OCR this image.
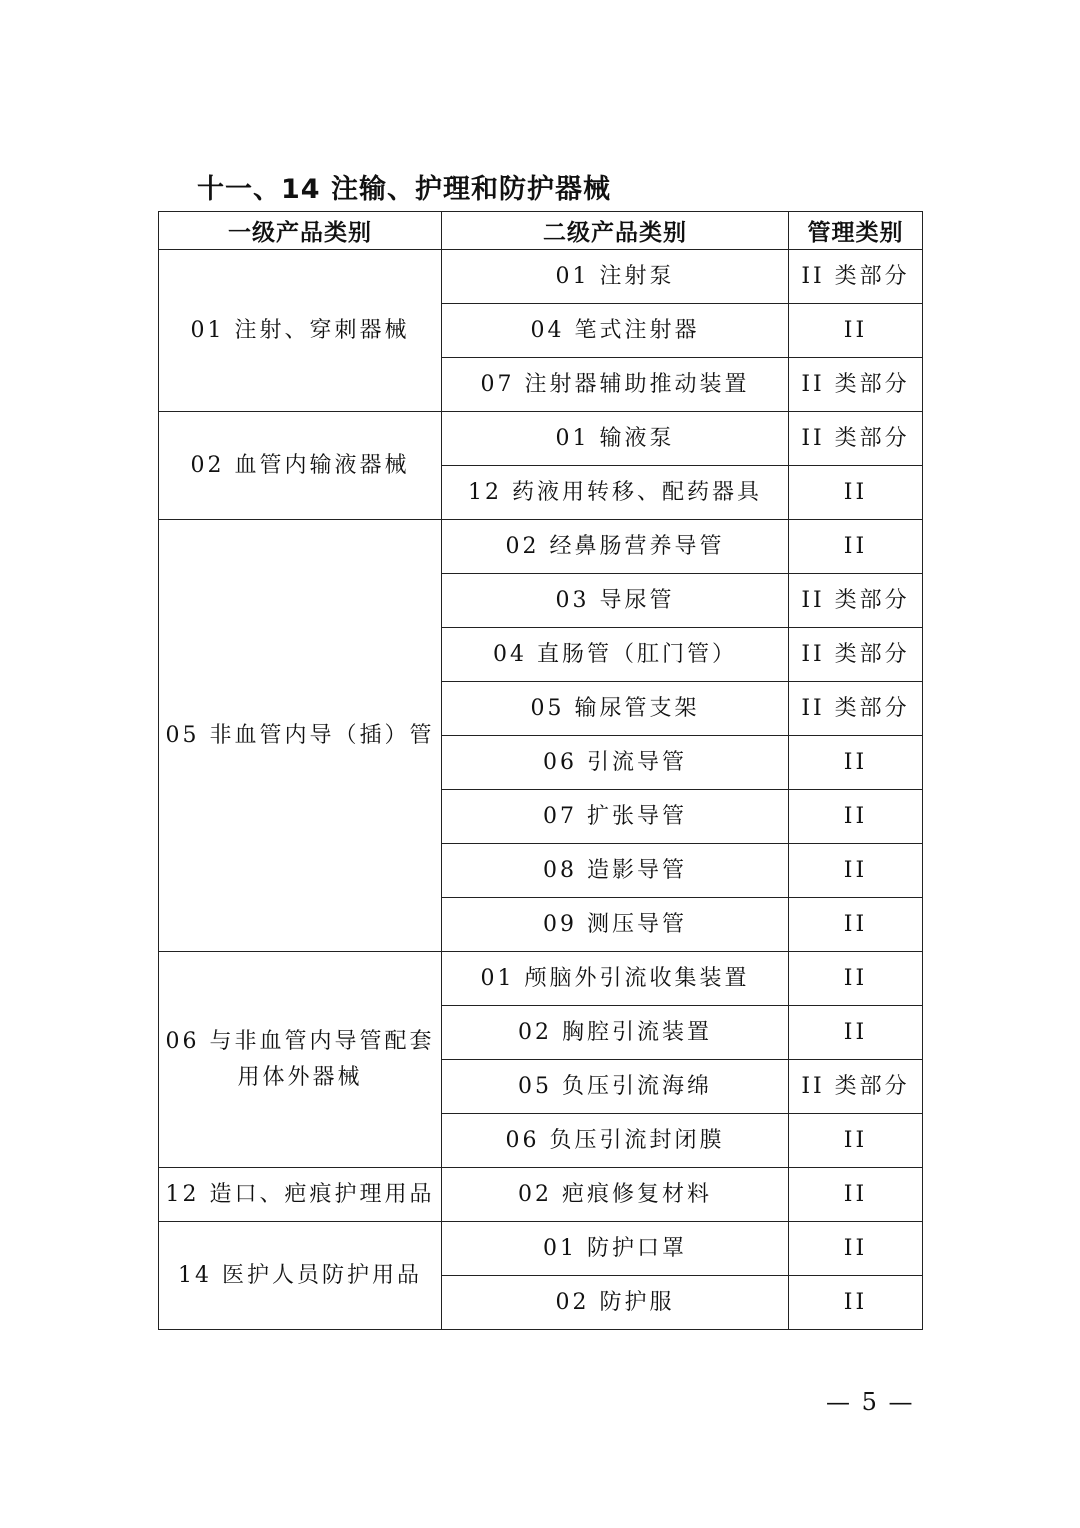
十一、14 注输、护理和防护器械
一级产品类别	二级产品类别	管理类别
01 注射、穿刺器械	01 注射泵	II 类部分
	04 笔式注射器	II
	07 注射器辅助推动装置	II 类部分
02 血管内输液器械	01 输液泵	II 类部分
	12 药液用转移、配药器具	II
05 非血管内导（插）管	02 经鼻肠营养导管	II
	03 导尿管	II 类部分
	04 直肠管（肛门管）	II 类部分
	05 输尿管支架	II 类部分
	06 引流导管	II
	07 扩张导管	II
	08 造影导管	II
	09 测压导管	II
06 与非血管内导管配套用体外器械	01 颅脑外引流收集装置	II
	02 胸腔引流装置	II
	05 负压引流海绵	II 类部分
	06 负压引流封闭膜	II
12 造口、疤痕护理用品	02 疤痕修复材料	II
14 医护人员防护用品	01 防护口罩	II
	02 防护服	II
— 5 —
